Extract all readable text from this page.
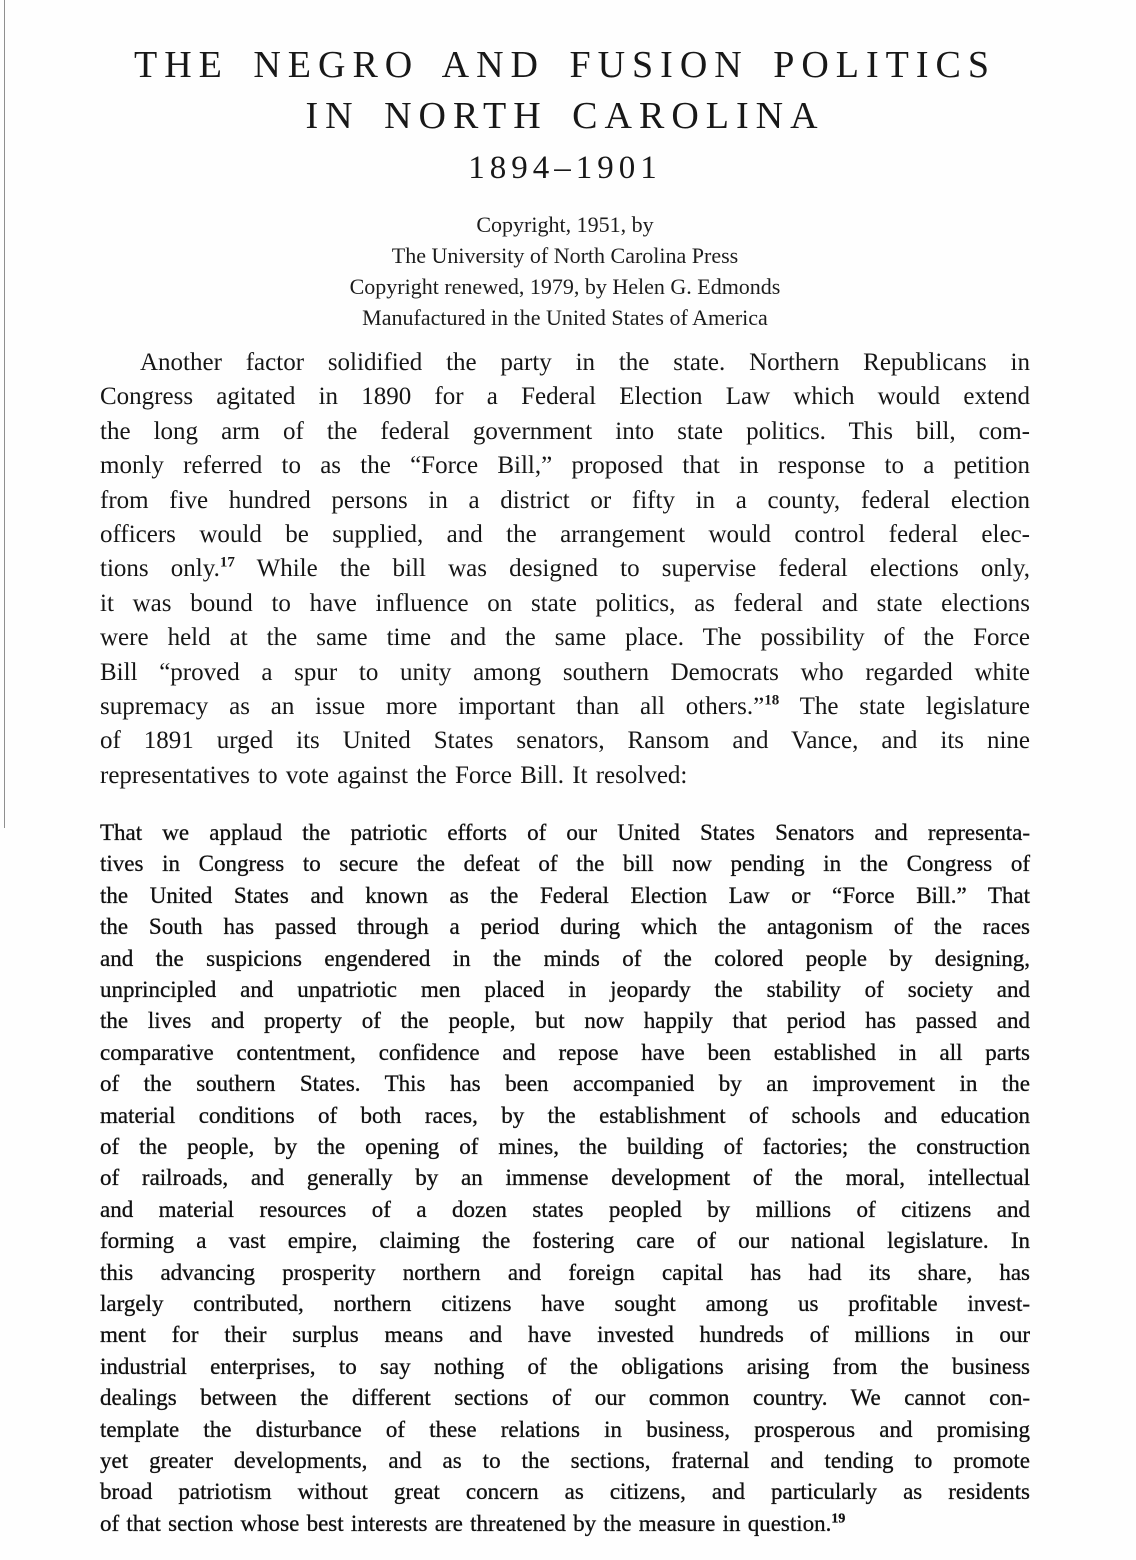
THE NEGRO AND FUSION POLITICS
IN NORTH CAROLINA
1894–1901
Copyright, 1951, by
The University of North Carolina Press
Copyright renewed, 1979, by Helen G. Edmonds
Manufactured in the United States of America
Another factor solidified the party in the state. Northern Republicans in
Congress agitated in 1890 for a Federal Election Law which would extend
the long arm of the federal government into state politics. This bill, com-
monly referred to as the “Force Bill,” proposed that in response to a petition
from five hundred persons in a district or fifty in a county, federal election
officers would be supplied, and the arrangement would control federal elec-
tions only.$^{17}$ While the bill was designed to supervise federal elections only,
it was bound to have influence on state politics, as federal and state elections
were held at the same time and the same place. The possibility of the Force
Bill “proved a spur to unity among southern Democrats who regarded white
supremacy as an issue more important than all others.”$^{18}$ The state legislature
of 1891 urged its United States senators, Ransom and Vance, and its nine
representatives to vote against the Force Bill. It resolved:
That we applaud the patriotic efforts of our United States Senators and representa-
tives in Congress to secure the defeat of the bill now pending in the Congress of
the United States and known as the Federal Election Law or “Force Bill.” That
the South has passed through a period during which the antagonism of the races
and the suspicions engendered in the minds of the colored people by designing,
unprincipled and unpatriotic men placed in jeopardy the stability of society and
the lives and property of the people, but now happily that period has passed and
comparative contentment, confidence and repose have been established in all parts
of the southern States. This has been accompanied by an improvement in the
material conditions of both races, by the establishment of schools and education
of the people, by the opening of mines, the building of factories; the construction
of railroads, and generally by an immense development of the moral, intellectual
and material resources of a dozen states peopled by millions of citizens and
forming a vast empire, claiming the fostering care of our national legislature. In
this advancing prosperity northern and foreign capital has had its share, has
largely contributed, northern citizens have sought among us profitable invest-
ment for their surplus means and have invested hundreds of millions in our
industrial enterprises, to say nothing of the obligations arising from the business
dealings between the different sections of our common country. We cannot con-
template the disturbance of these relations in business, prosperous and promising
yet greater developments, and as to the sections, fraternal and tending to promote
broad patriotism without great concern as citizens, and particularly as residents
of that section whose best interests are threatened by the measure in question.$^{19}$
